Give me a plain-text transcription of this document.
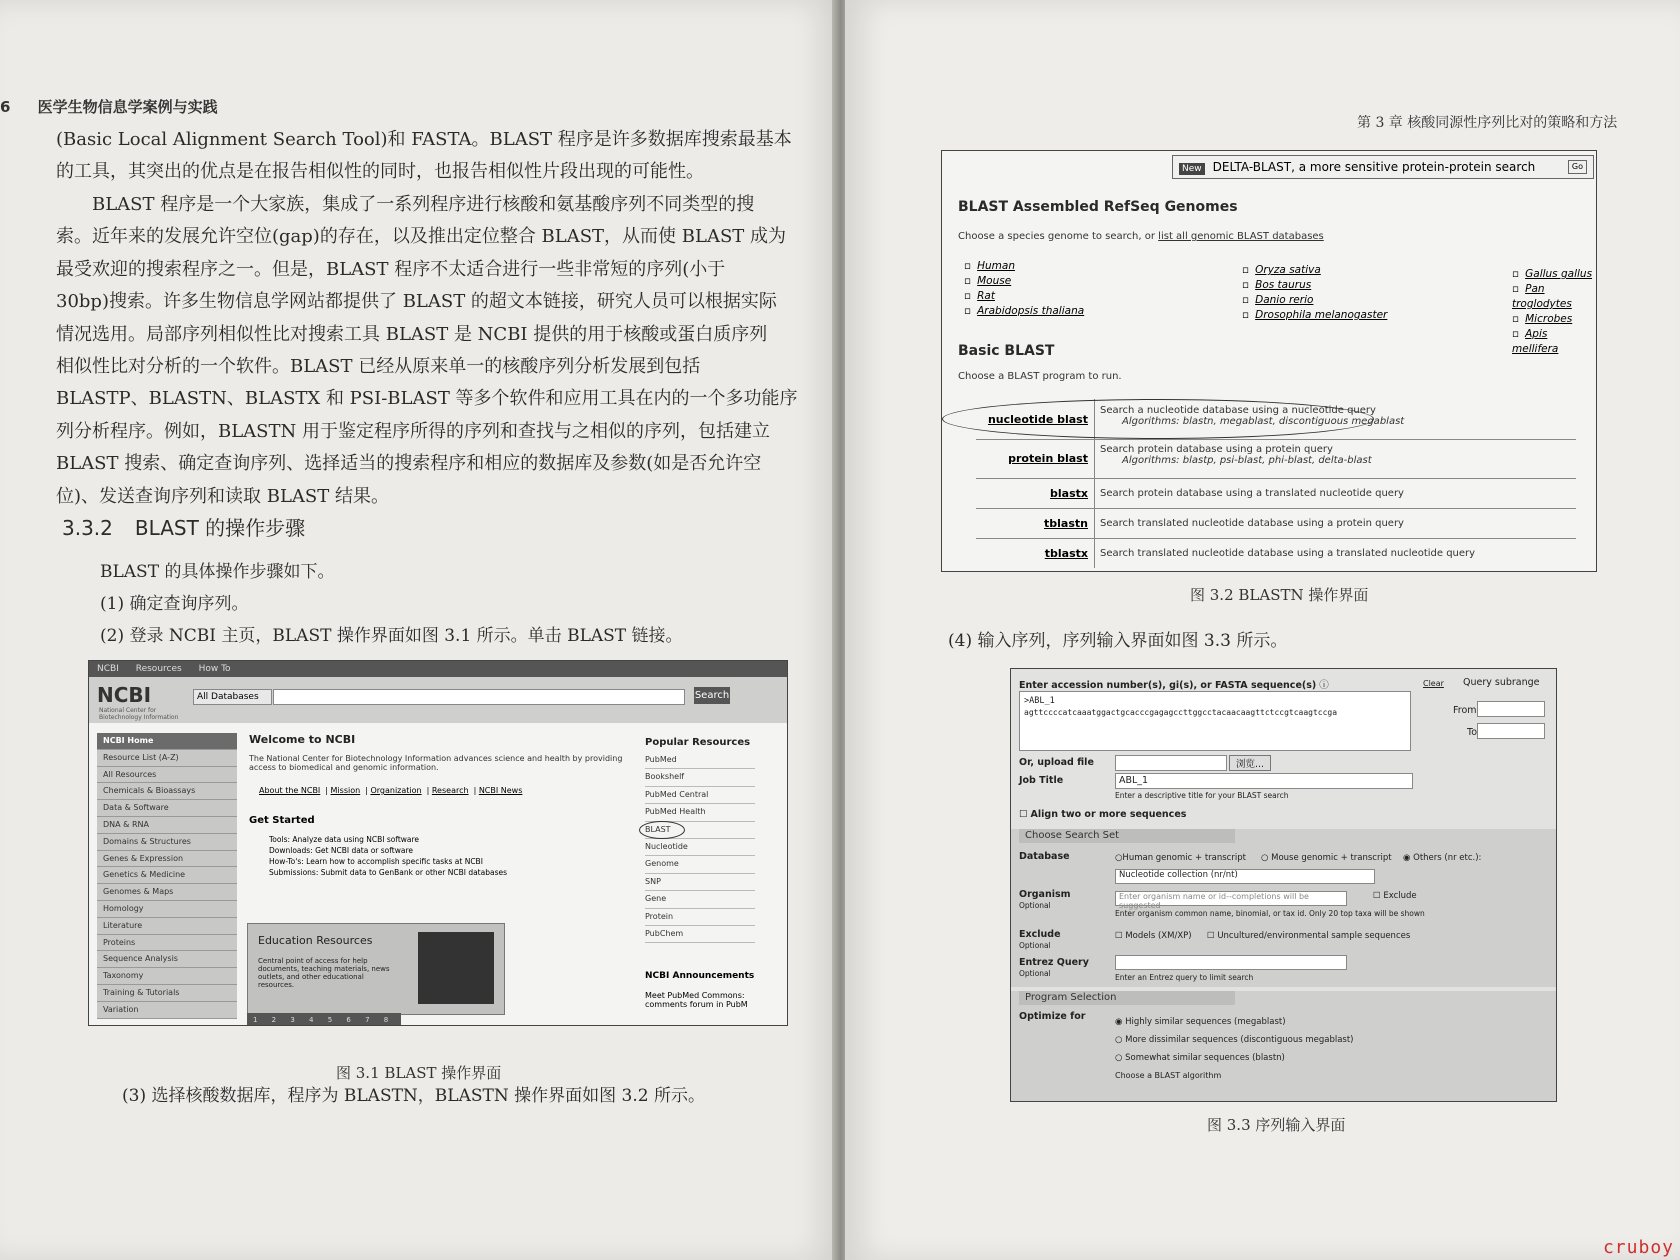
6 医学生物信息学案例与实践

(Basic Local Alignment Search Tool)和 FASTA。BLAST 程序是许多数据库搜索最基本

的工具，其突出的优点是在报告相似性的同时，也报告相似性片段出现的可能性。

BLAST 程序是一个大家族，集成了一系列程序进行核酸和氨基酸序列不同类型的搜

索。近年来的发展允许空位(gap)的存在，以及推出定位整合 BLAST，从而使 BLAST 成为

最受欢迎的搜索程序之一。但是，BLAST 程序不太适合进行一些非常短的序列(小于

30bp)搜索。许多生物信息学网站都提供了 BLAST 的超文本链接，研究人员可以根据实际

情况选用。局部序列相似性比对搜索工具 BLAST 是 NCBI 提供的用于核酸或蛋白质序列

相似性比对分析的一个软件。BLAST 已经从原来单一的核酸序列分析发展到包括

BLASTP、BLASTN、BLASTX 和 PSI-BLAST 等多个软件和应用工具在内的一个多功能序

列分析程序。例如，BLASTN 用于鉴定程序所得的序列和查找与之相似的序列，包括建立

BLAST 搜索、确定查询序列、选择适当的搜索程序和相应的数据库及参数(如是否允许空

位)、发送查询序列和读取 BLAST 结果。

3.3.2 BLAST 的操作步骤
BLAST 的具体操作步骤如下。
(1) 确定查询序列。
(2) 登录 NCBI 主页，BLAST 操作界面如图 3.1 所示。单击 BLAST 链接。
NCBI Resources How To
NCBI
National Center for Biotechnology Information
All Databases	Search
NCBI Home
Resource List (A-Z)
All Resources
Chemicals & Bioassays
Data & Software
DNA & RNA
Domains & Structures
Genes & Expression
Genetics & Medicine
Genomes & Maps
Homology
Literature
Proteins
Sequence Analysis
Taxonomy
Training & Tutorials
Variation
Welcome to NCBI
The National Center for Biotechnology Information advances science and health by providing access to biomedical and genomic information.
About the NCBI | Mission | Organization | Research | NCBI News
Get Started
Tools: Analyze data using NCBI software
Downloads: Get NCBI data or software
How-To's: Learn how to accomplish specific tasks at NCBI
Submissions: Submit data to GenBank or other NCBI databases
Education Resources
Central point of access for help documents, teaching materials, news outlets, and other educational resources.
1 2 3 4 5 6 7 8
Popular Resources
PubMed
Bookshelf
PubMed Central
PubMed Health
BLAST
Nucleotide
Genome
SNP
Gene
Protein
PubChem
NCBI Announcements
Meet PubMed Commons: comments forum in PubM
图 3.1 BLAST 操作界面
(3) 选择核酸数据库，程序为 BLASTN，BLASTN 操作界面如图 3.2 所示。
第 3 章 核酸同源性序列比对的策略和方法
New DELTA-BLAST, a more sensitive protein-protein search	Go
BLAST Assembled RefSeq Genomes
Choose a species genome to search, or list all genomic BLAST databases
▫ Human
▫ Mouse
▫ Rat
▫ Arabidopsis thaliana
▫ Oryza sativa
▫ Bos taurus
▫ Danio rerio
▫ Drosophila melanogaster
▫ Gallus gallus
▫ Pan troglodytes
▫ Microbes
▫ Apis mellifera
Basic BLAST
Choose a BLAST program to run.
nucleotide blast
Search a nucleotide database using a nucleotide query
Algorithms: blastn, megablast, discontiguous megablast
protein blast
Search protein database using a protein query
Algorithms: blastp, psi-blast, phi-blast, delta-blast
blastx Search protein database using a translated nucleotide query
tblastn Search translated nucleotide database using a protein query
tblastx Search translated nucleotide database using a translated nucleotide query
图 3.2 BLASTN 操作界面
(4) 输入序列，序列输入界面如图 3.3 所示。
Enter accession number(s), gi(s), or FASTA sequence(s) ⓘ	Clear Query subrange
>ABL_1
agttccccatcaaatggactgcacccgagagccttggcctacaacaagttctccgtcaagtccga	From
To
Or, upload file	浏览...
Job Title	ABL_1
Enter a descriptive title for your BLAST search
☐ Align two or more sequences
Choose Search Set
Database	○Human genomic + transcript ○ Mouse genomic + transcript ◉ Others (nr etc.):
Nucleotide collection (nr/nt)
Organism
Optional
Enter organism name or id--completions will be suggested
☐ Exclude
Enter organism common name, binomial, or tax id. Only 20 top taxa will be shown
Exclude
Optional
☐ Models (XM/XP) ☐ Uncultured/environmental sample sequences
Entrez Query
Optional	Enter an Entrez query to limit search
Program Selection
Optimize for	◉ Highly similar sequences (megablast)
○ More dissimilar sequences (discontiguous megablast)
○ Somewhat similar sequences (blastn)
Choose a BLAST algorithm
图 3.3 序列输入界面
cruboy
